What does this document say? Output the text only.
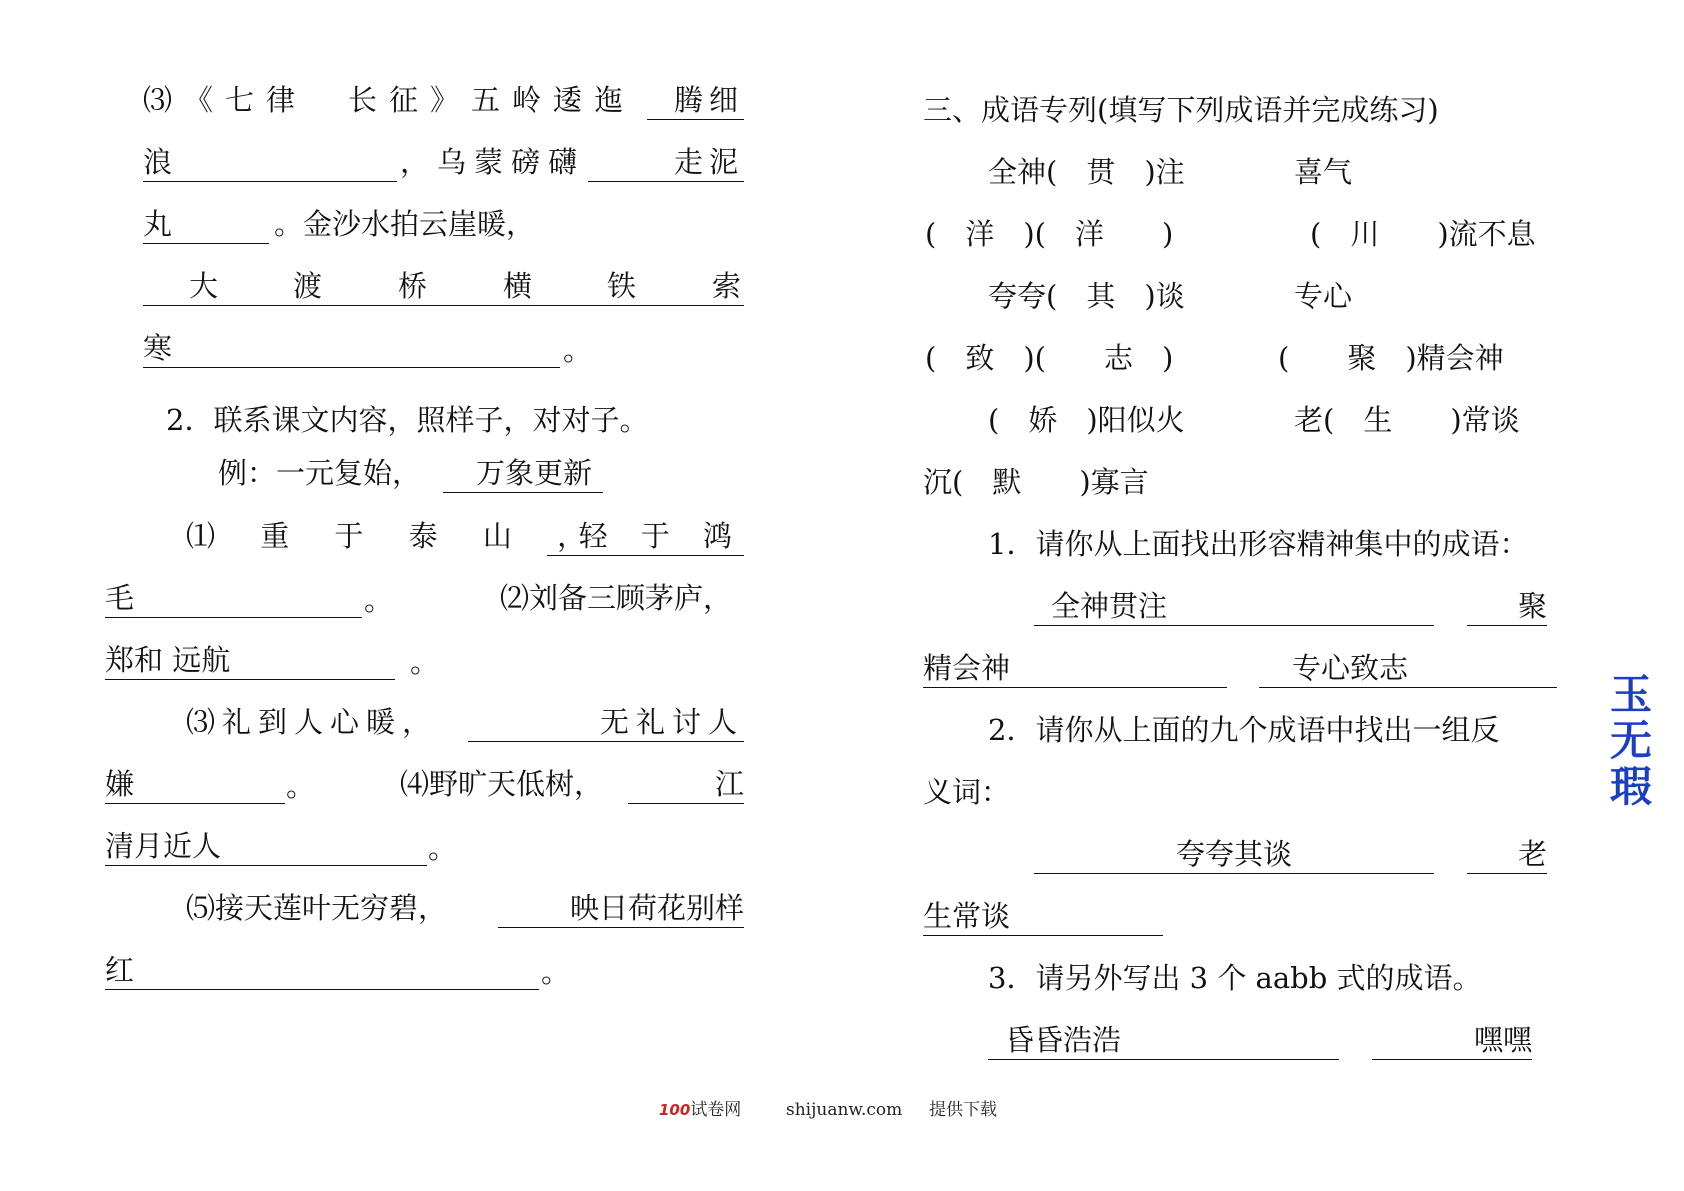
⑶《七律　长征》五岭逶迤	腾细
浪	，乌蒙磅礴	走泥
丸	。金沙水拍云崖暖，
大	渡	桥	横	铁	索
寒	。
2．联系课文内容，照样子，对对子。
例：一元复始，	万象更新
⑴ 重 于 泰 山 ，
轻 于 鸿
毛	。	⑵刘备三顾茅庐，
郑和 远航	。
⑶礼到人心暖，	无礼讨人
嫌	。	⑷野旷天低树，	江
清月近人	。
⑸接天莲叶无穷碧，	映日荷花别样
红	。
三、成语专列(填写下列成语并完成练习)
全神(　贯　)注	喜气
(　洋　)(　洋　　)	(　川　　)流不息
夸夸(　其　)谈	专心
(　致　)(　　志　)	(　　聚　)精会神
(　娇　)阳似火	老(　生　　)常谈
沉(　默　　)寡言
1．请你从上面找出形容精神集中的成语：
全神贯注	聚
精会神	专心致志
2．请你从上面的九个成语中找出一组反
义词：
夸夸其谈	老
生常谈
3．请另外写出 3 个 aabb 式的成语。
昏昏浩浩	嘿嘿
玉无瑕
100试卷网	shijuanw.com 提供下载
